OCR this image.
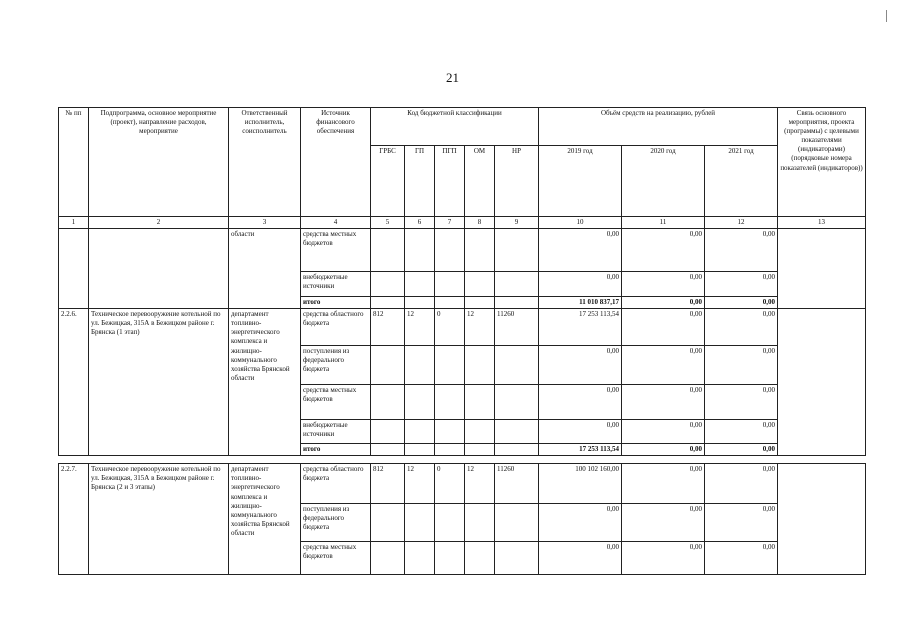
21
№ пп	Подпрограмма, основное мероприятие (проект), направление расходов, мероприятие	Ответственный исполнитель, соисполнитель	Источник финансового обеспечения	Код бюджетной классификации					Объём средств на реализацию, рублей			Связь основного мероприятия, проекта (программы) с целевыми показателями (индикаторами) (порядковые номера показателей (индикаторов))
				ГРБС	ГП	ПГП	ОМ	НР	2019 год	2020 год	2021 год	
1	2	3	4	5	6	7	8	9	10	11	12	13
		области	средства местных бюджетов						0,00	0,00	0,00	
			внебюджетные источники						0,00	0,00	0,00	
			итого						11 010 837,17	0,00	0,00	
2.2.6.	Техническое перевооружение котельной по ул. Бежицкая, 315А в Бежицком районе г. Брянска (1 этап)	департамент топливно-энергетического комплекса и жилищно-коммунального хозяйства Брянской области	средства областного бюджета	812	12	0	12	11260	17 253 113,54	0,00	0,00	
			поступления из федерального бюджета						0,00	0,00	0,00	
			средства местных бюджетов						0,00	0,00	0,00	
			внебюджетные источники						0,00	0,00	0,00	
			итого						17 253 113,54	0,00	0,00	

2.2.7.	Техническое перевооружение котельной по ул. Бежицкая, 315А в Бежицком районе г. Брянска (2 и 3 этапы)	департамент топливно-энергетического комплекса и жилищно-коммунального хозяйства Брянской области	средства областного бюджета	812	12	0	12	11260	100 102 160,00	0,00	0,00	
			поступления из федерального бюджета						0,00	0,00	0,00	
			средства местных бюджетов						0,00	0,00	0,00	
